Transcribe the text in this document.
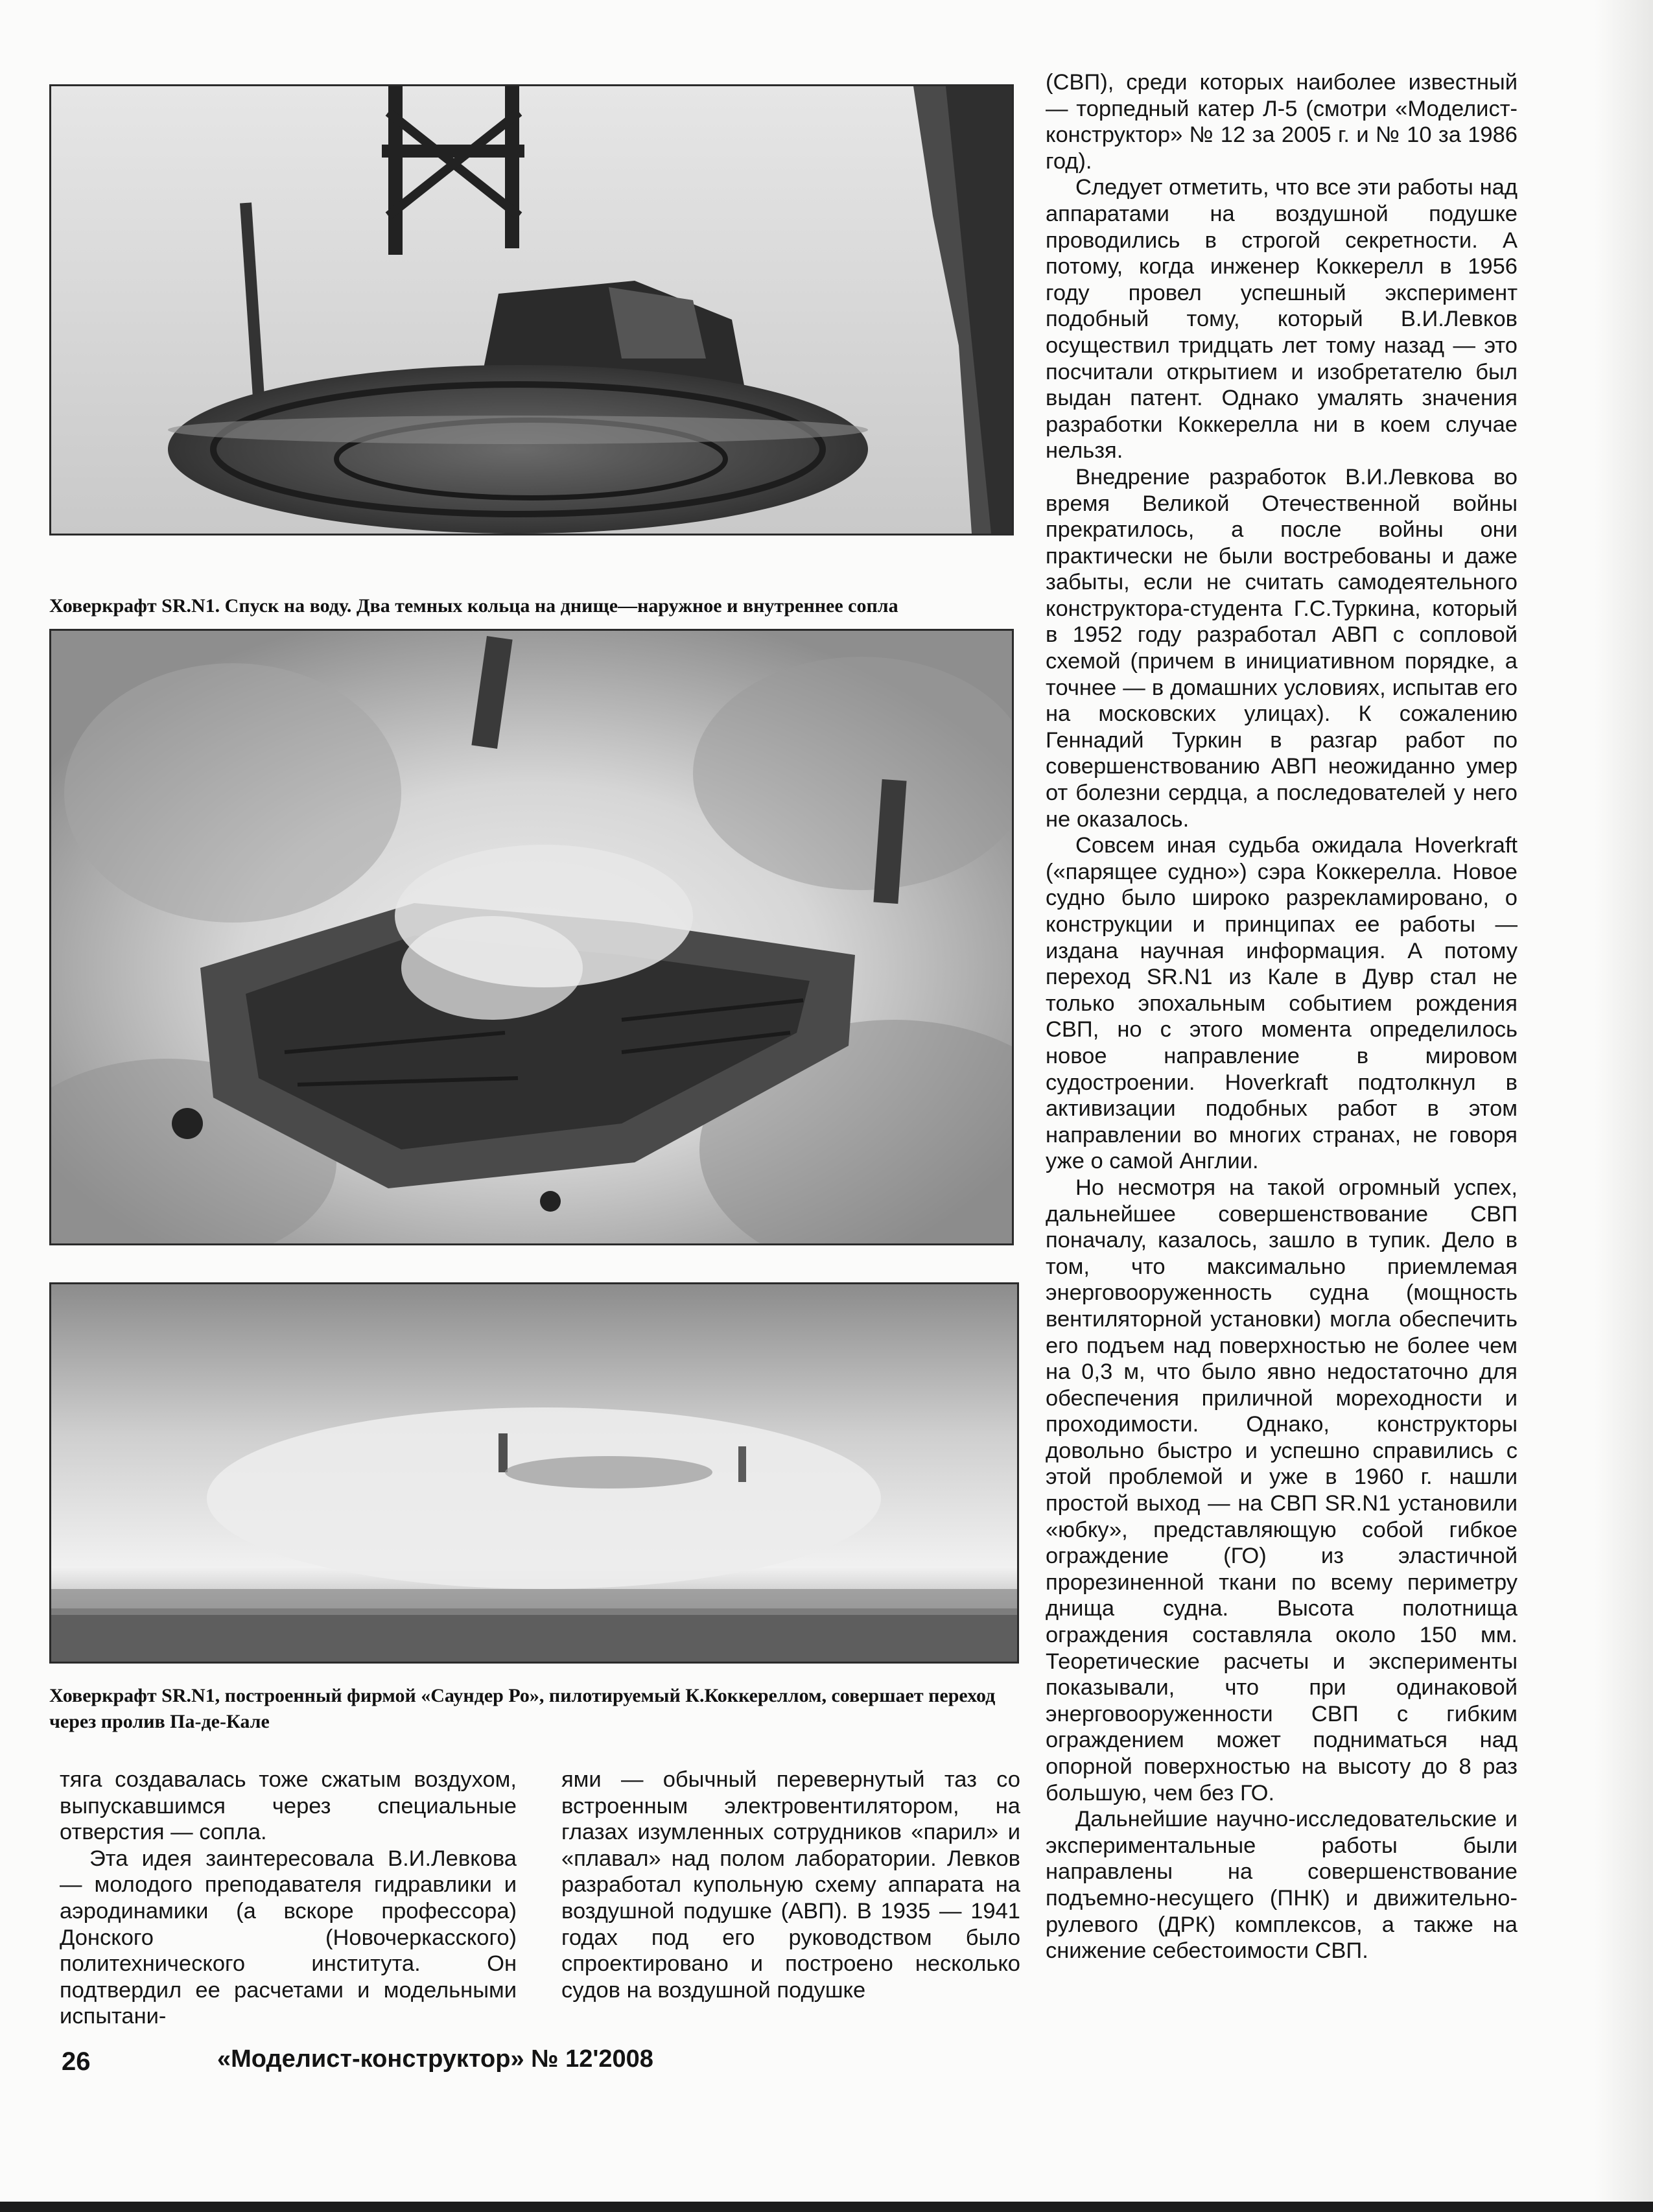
Ховеркрафт SR.N1. Спуск на воду. Два темных кольца на днище—наружное и внутреннее сопла
Ховеркрафт SR.N1, построенный фирмой «Саундер Ро», пилотируемый К.Коккереллом, совершает переход через пролив Па-де-Кале

(СВП), среди которых наиболее известный — торпедный катер Л-5 (смотри «Моделист-конструктор» № 12 за 2005 г. и № 10 за 1986 год).

Следует отметить, что все эти работы над аппаратами на воздушной подушке проводились в строгой секретности. А потому, когда инженер Коккерелл в 1956 году провел успешный эксперимент подобный тому, который В.И.Левков осуществил тридцать лет тому назад — это посчитали открытием и изобретателю был выдан патент. Однако умалять значения разработки Коккерелла ни в коем случае нельзя.

Внедрение разработок В.И.Левкова во время Великой Отечественной войны прекратилось, а после войны они практически не были востребованы и даже забыты, если не считать самодеятельного конструктора-студента Г.С.Туркина, который в 1952 году разработал АВП с сопловой схемой (причем в инициативном порядке, а точнее — в домашних условиях, испытав его на московских улицах). К сожалению Геннадий Туркин в разгар работ по совершенствованию АВП неожиданно умер от болезни сердца, а последователей у него не оказалось.

Совсем иная судьба ожидала Hoverkraft («парящее судно») сэра Коккерелла. Новое судно было широко разрекламировано, о конструкции и принципах ее работы — издана научная информация. А потому переход SR.N1 из Кале в Дувр стал не только эпохальным событием рождения СВП, но с этого момента определилось новое направление в мировом судостроении. Hoverkraft подтолкнул в активизации подобных работ в этом направлении во многих странах, не говоря уже о самой Англии.

Но несмотря на такой огромный успех, дальнейшее совершенствование СВП поначалу, казалось, зашло в тупик. Дело в том, что максимально приемлемая энерговооруженность судна (мощность вентиляторной установки) могла обеспечить его подъем над поверхностью не более чем на 0,3 м, что было явно недостаточно для обеспечения приличной мореходности и проходимости. Однако, конструкторы довольно быстро и успешно справились с этой проблемой и уже в 1960 г. нашли простой выход — на СВП SR.N1 установили «юбку», представляющую собой гибкое ограждение (ГО) из эластичной прорезиненной ткани по всему периметру днища судна. Высота полотнища ограждения составляла около 150 мм. Теоретические расчеты и эксперименты показывали, что при одинаковой энерговооруженности СВП с гибким ограждением может подниматься над опорной поверхностью на высоту до 8 раз большую, чем без ГО.

Дальнейшие научно-исследовательские и экспериментальные работы были направлены на совершенствование подъемно-несущего (ПНК) и движительно-рулевого (ДРК) комплексов, а также на снижение себестоимости СВП.

тяга создавалась тоже сжатым воздухом, выпускавшимся через специальные отверстия — сопла.

Эта идея заинтересовала В.И.Левкова — молодого преподавателя гидравлики и аэродинамики (а вскоре профессора) Донского (Новочеркасского) политехнического института. Он подтвердил ее расчетами и модельными испытани-

ями — обычный перевернутый таз со встроенным электровентилятором, на глазах изумленных сотрудников «парил» и «плавал» над полом лаборатории. Левков разработал купольную схему аппарата на воздушной подушке (АВП). В 1935 — 1941 годах под его руководством было спроектировано и построено несколько судов на воздушной подушке

26	«Моделист-конструктор» № 12'2008
